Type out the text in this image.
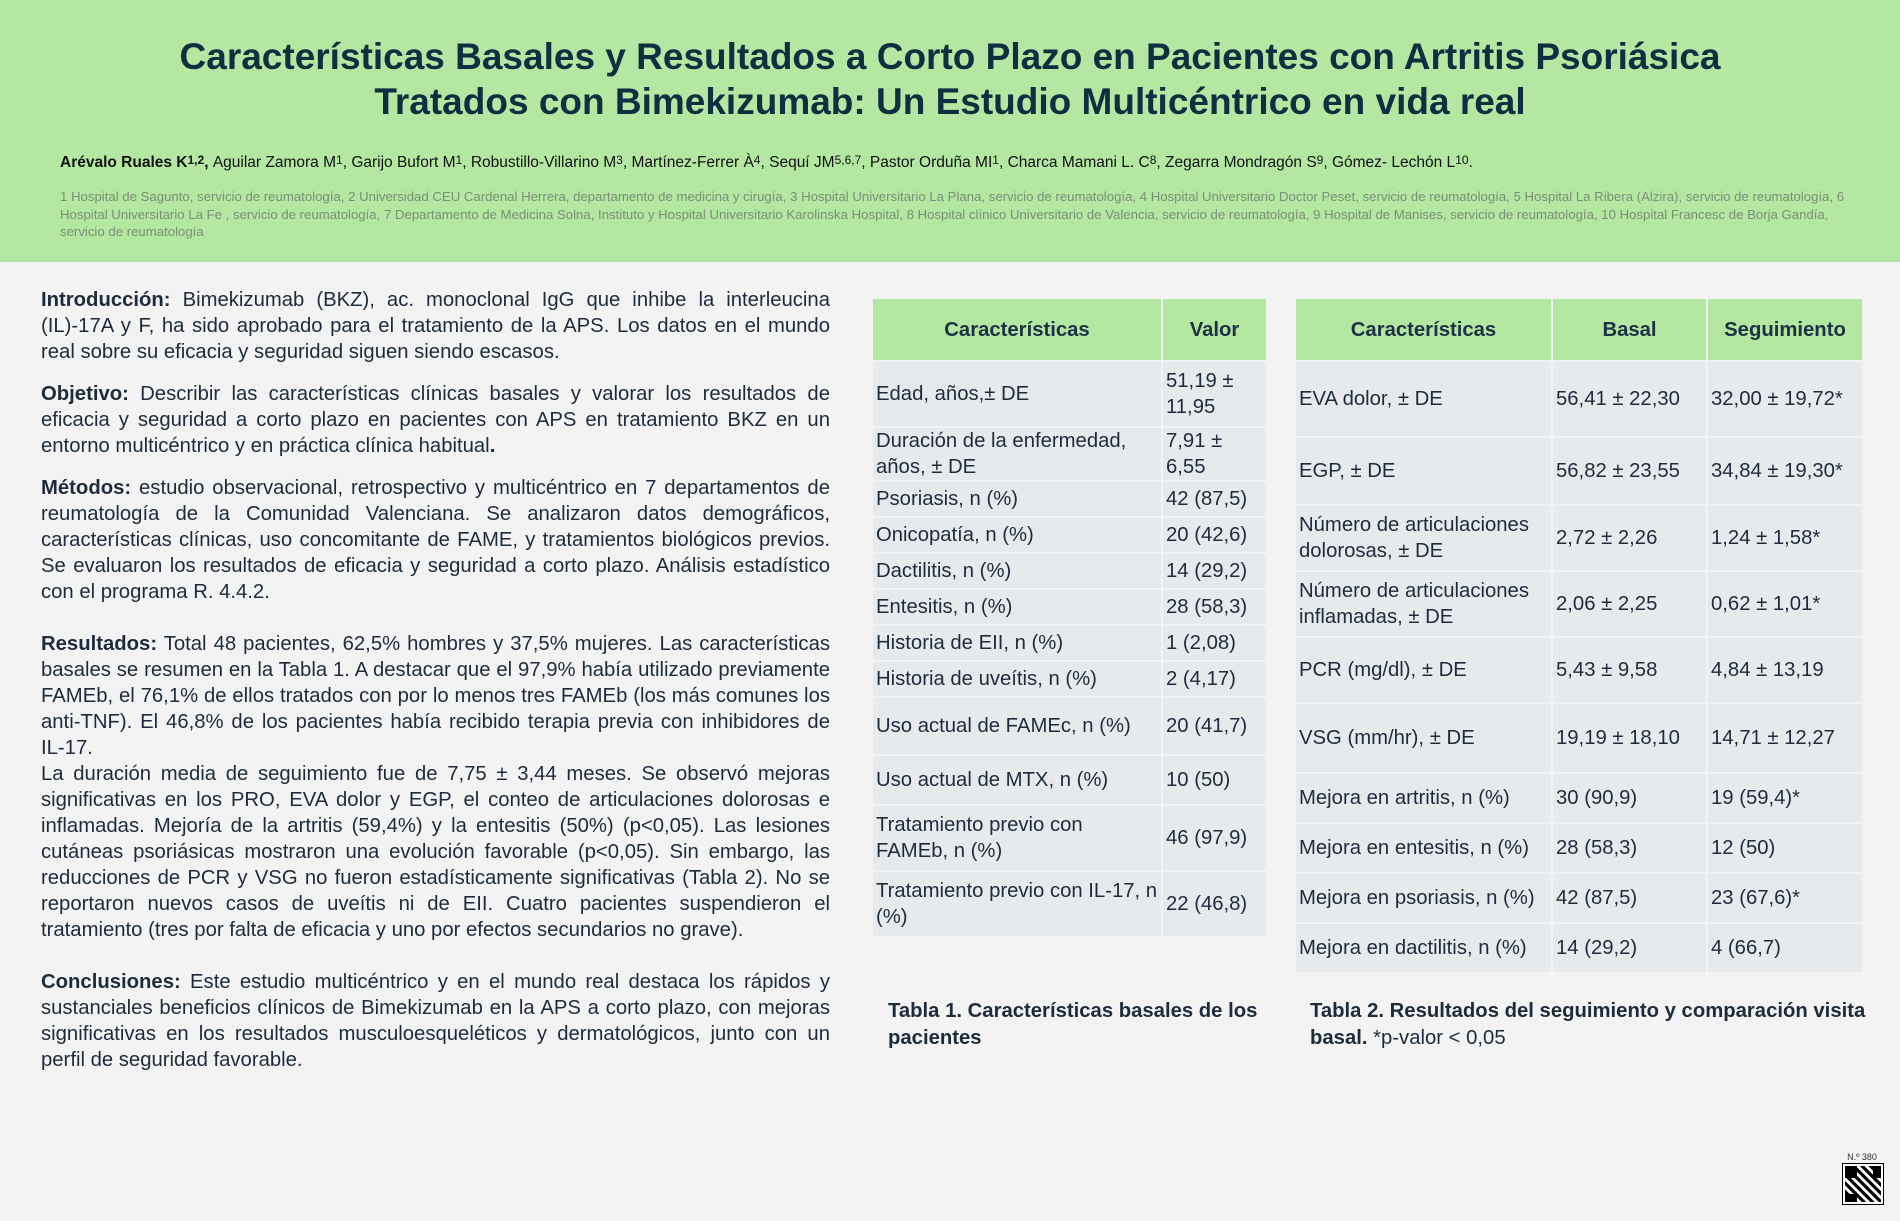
Características Basales y Resultados a Corto Plazo en Pacientes con Artritis Psoriásica
Tratados con Bimekizumab: Un Estudio Multicéntrico en vida real
Arévalo Ruales K$^{1,2}$, Aguilar Zamora $M^1$, Garijo Bufort $M^1$, Robustillo-Villarino $M^3$, Martínez-Ferrer $À^4$, Sequí JM$^{5,6,7}$, Pastor Orduña $MI^1$, Charca Mamani L. $C^8$, Zegarra Mondragón $S^9$, Gómez- Lechón $L^{10}$.
1 Hospital de Sagunto, servicio de reumatología, 2 Universidad CEU Cardenal Herrera, departamento de medicina y cirugía, 3 Hospital Universitario La Plana, servicio de reumatología, 4 Hospital Universitario Doctor Peset, servicio de reumatología, 5 Hospital La Ribera (Alzira), servicio de reumatología, 6 Hospital Universitario La Fe , servicio de reumatología, 7 Departamento de Medicina Solna, Instituto y Hospital Universitario Karolinska Hospital, 8 Hospital clínico Universitario de Valencia, servicio de reumatología, 9 Hospital de Manises, servicio de reumatología, 10 Hospital Francesc de Borja Gandía, servicio de reumatología

Introducción: Bimekizumab (BKZ), ac. monoclonal IgG que inhibe la interleucina (IL)-17A y F, ha sido aprobado para el tratamiento de la APS. Los datos en el mundo real sobre su eficacia y seguridad siguen siendo escasos.

Objetivo: Describir las características clínicas basales y valorar los resultados de eficacia y seguridad a corto plazo en pacientes con APS en tratamiento BKZ en un entorno multicéntrico y en práctica clínica habitual.

Métodos: estudio observacional, retrospectivo y multicéntrico en 7 departamentos de reumatología de la Comunidad Valenciana. Se analizaron datos demográficos, características clínicas, uso concomitante de FAME, y tratamientos biológicos previos. Se evaluaron los resultados de eficacia y seguridad a corto plazo. Análisis estadístico con el programa R. 4.4.2.

Resultados: Total 48 pacientes, 62,5% hombres y 37,5% mujeres. Las características basales se resumen en la Tabla 1. A destacar que el 97,9% había utilizado previamente FAMEb, el 76,1% de ellos tratados con por lo menos tres FAMEb (los más comunes los anti-TNF). El 46,8% de los pacientes había recibido terapia previa con inhibidores de IL-17.

La duración media de seguimiento fue de 7,75 ± 3,44 meses. Se observó mejoras significativas en los PRO, EVA dolor y EGP, el conteo de articulaciones dolorosas e inflamadas. Mejoría de la artritis (59,4%) y la entesitis (50%) (p<0,05). Las lesiones cutáneas psoriásicas mostraron una evolución favorable (p<0,05). Sin embargo, las reducciones de PCR y VSG no fueron estadísticamente significativas (Tabla 2). No se reportaron nuevos casos de uveítis ni de EII. Cuatro pacientes suspendieron el tratamiento (tres por falta de eficacia y uno por efectos secundarios no grave).

Conclusiones: Este estudio multicéntrico y en el mundo real destaca los rápidos y sustanciales beneficios clínicos de Bimekizumab en la APS a corto plazo, con mejoras significativas en los resultados musculoesqueléticos y dermatológicos, junto con un perfil de seguridad favorable.

Características	Valor
Edad, años,± DE	51,19 ± 11,95
Duración de la enfermedad, años, ± DE	7,91 ± 6,55
Psoriasis, n (%)	42 (87,5)
Onicopatía, n (%)	20 (42,6)
Dactilitis, n (%)	14 (29,2)
Entesitis, n (%)	28 (58,3)
Historia de EII, n (%)	1 (2,08)
Historia de uveítis, n (%)	2 (4,17)
Uso actual de FAMEc, n (%)	20 (41,7)
Uso actual de MTX, n (%)	10 (50)
Tratamiento previo con FAMEb, n (%)	46 (97,9)
Tratamiento previo con IL-17, n (%)	22 (46,8)
Características	Basal	Seguimiento
EVA dolor, ± DE	56,41 ± 22,30	32,00 ± 19,72*
EGP, ± DE	56,82 ± 23,55	34,84 ± 19,30*
Número de articulaciones dolorosas, ± DE	2,72 ± 2,26	1,24 ± 1,58*
Número de articulaciones inflamadas, ± DE	2,06 ± 2,25	0,62 ± 1,01*
PCR (mg/dl), ± DE	5,43 ± 9,58	4,84 ± 13,19
VSG (mm/hr), ± DE	19,19 ± 18,10	14,71 ± 12,27
Mejora en artritis, n (%)	30 (90,9)	19 (59,4)*
Mejora en entesitis, n (%)	28 (58,3)	12 (50)
Mejora en psoriasis, n (%)	42 (87,5)	23 (67,6)*
Mejora en dactilitis, n (%)	14 (29,2)	4 (66,7)
Tabla 1. Características basales de los pacientes
Tabla 2. Resultados del seguimiento y comparación visita basal. *p-valor < 0,05
N.º 380
